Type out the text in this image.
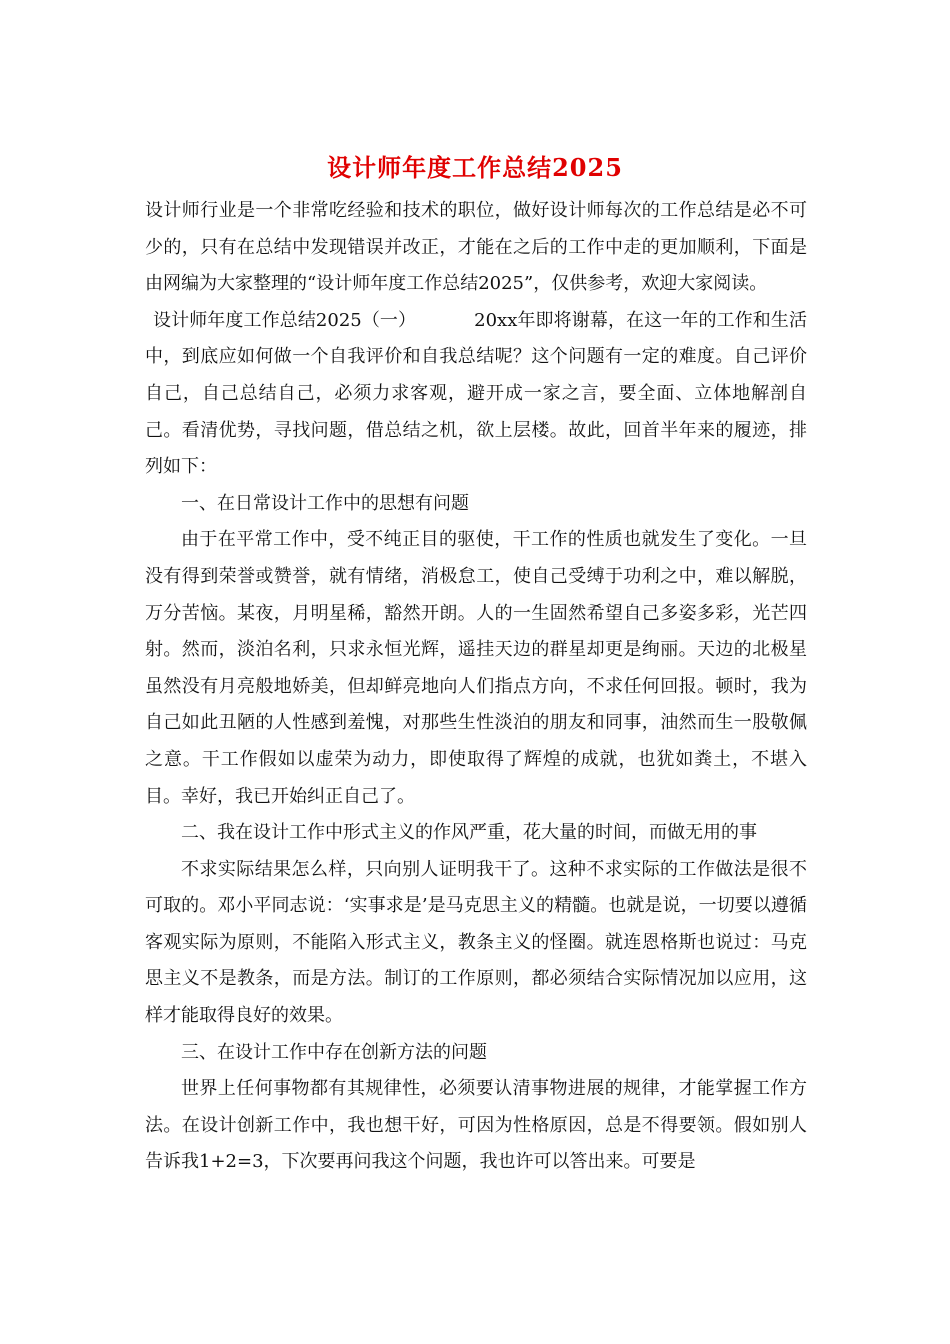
设计师年度工作总结2025

设计师行业是一个非常吃经验和技术的职位，做好设计师每次的工作总结是必不可少的，只有在总结中发现错误并改正，才能在之后的工作中走的更加顺利，下面是由网编为大家整理的“设计师年度工作总结2025”，仅供参考，欢迎大家阅读。

设计师年度工作总结2025（一）	20xx年即将谢幕，在这一年的工作和生活中，到底应如何做一个自我评价和自我总结呢？这个问题有一定的难度。自己评价自己，自己总结自己，必须力求客观，避开成一家之言，要全面、立体地解剖自己。看清优势，寻找问题，借总结之机，欲上层楼。故此，回首半年来的履迹，排列如下：

一、在日常设计工作中的思想有问题

由于在平常工作中，受不纯正目的驱使，干工作的性质也就发生了变化。一旦没有得到荣誉或赞誉，就有情绪，消极怠工，使自己受缚于功利之中，难以解脱，万分苦恼。某夜，月明星稀，豁然开朗。人的一生固然希望自己多姿多彩，光芒四射。然而，淡泊名利，只求永恒光辉，遥挂天边的群星却更是绚丽。天边的北极星虽然没有月亮般地娇美，但却鲜亮地向人们指点方向，不求任何回报。顿时，我为自己如此丑陋的人性感到羞愧，对那些生性淡泊的朋友和同事，油然而生一股敬佩之意。干工作假如以虚荣为动力，即使取得了辉煌的成就，也犹如粪土，不堪入目。幸好，我已开始纠正自己了。

二、我在设计工作中形式主义的作风严重，花大量的时间，而做无用的事

不求实际结果怎么样，只向别人证明我干了。这种不求实际的工作做法是很不可取的。邓小平同志说：‘实事求是’是马克思主义的精髓。也就是说，一切要以遵循客观实际为原则，不能陷入形式主义，教条主义的怪圈。就连恩格斯也说过：马克思主义不是教条，而是方法。制订的工作原则，都必须结合实际情况加以应用，这样才能取得良好的效果。

三、在设计工作中存在创新方法的问题

世界上任何事物都有其规律性，必须要认清事物进展的规律，才能掌握工作方法。在设计创新工作中，我也想干好，可因为性格原因，总是不得要领。假如别人告诉我1+2=3，下次要再问我这个问题，我也许可以答出来。可要是
